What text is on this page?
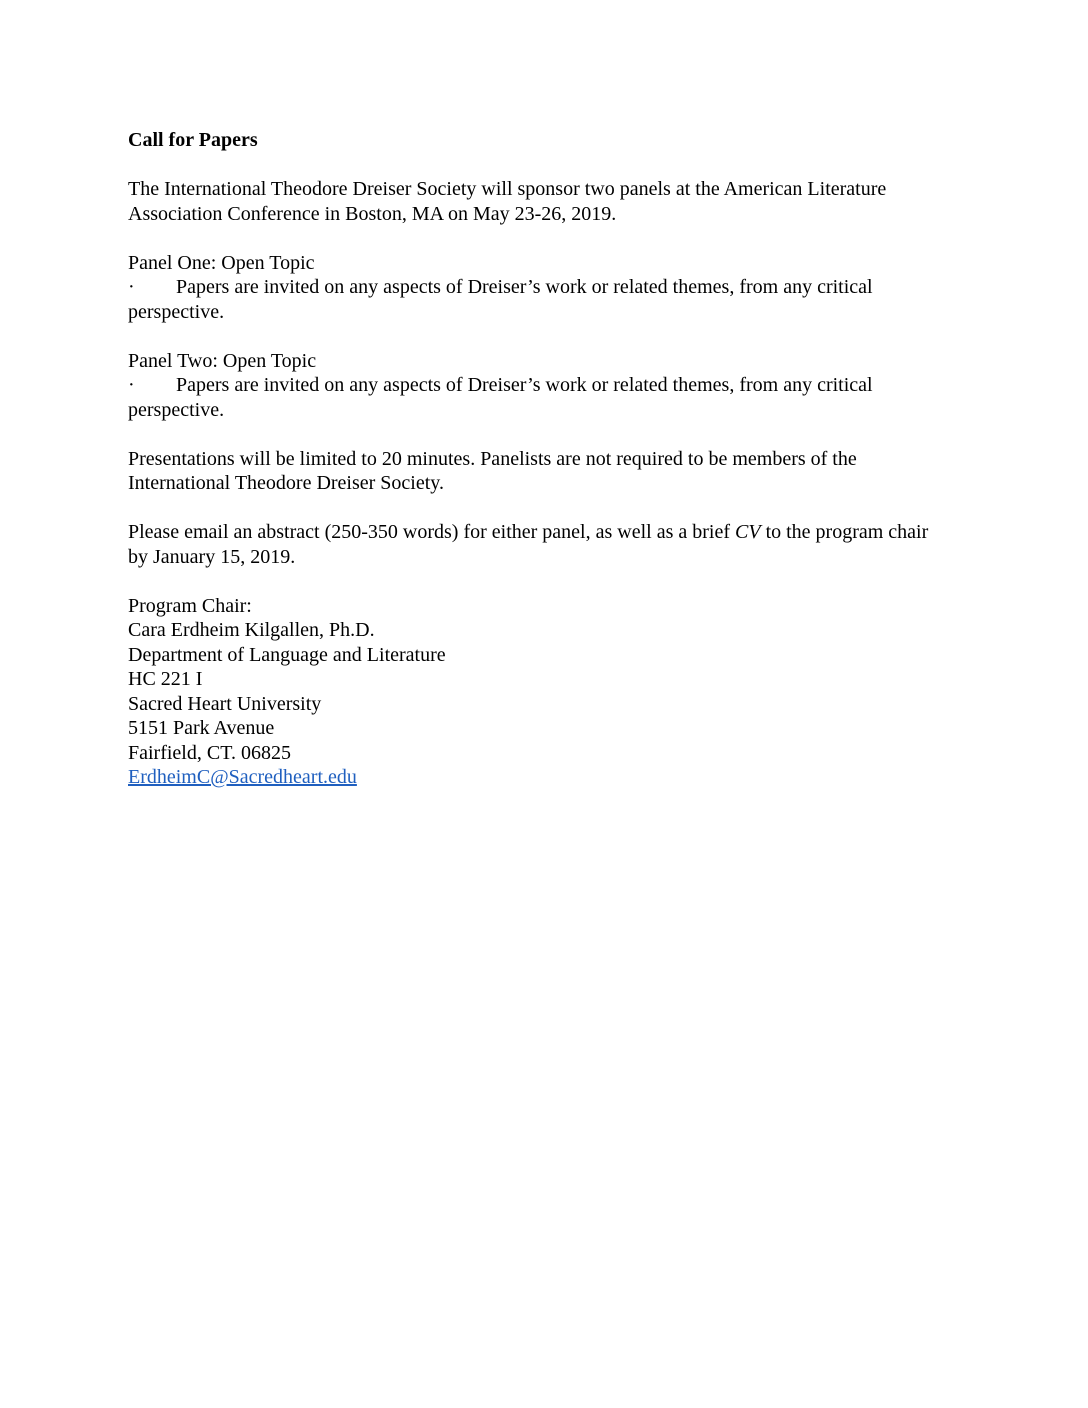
Call for Papers

The International Theodore Dreiser Society will sponsor two panels at the American Literature Association Conference in Boston, MA on May 23-26, 2019.

Panel One: Open Topic

· Papers are invited on any aspects of Dreiser’s work or related themes, from any critical

perspective.

Panel Two: Open Topic

· Papers are invited on any aspects of Dreiser’s work or related themes, from any critical

perspective.

Presentations will be limited to 20 minutes. Panelists are not required to be members of the International Theodore Dreiser Society.

Please email an abstract (250-350 words) for either panel, as well as a brief CV to the program chair by January 15, 2019.

Program Chair:

Cara Erdheim Kilgallen, Ph.D.

Department of Language and Literature

HC 221 I

Sacred Heart University

5151 Park Avenue

Fairfield, CT. 06825

ErdheimC@Sacredheart.edu
